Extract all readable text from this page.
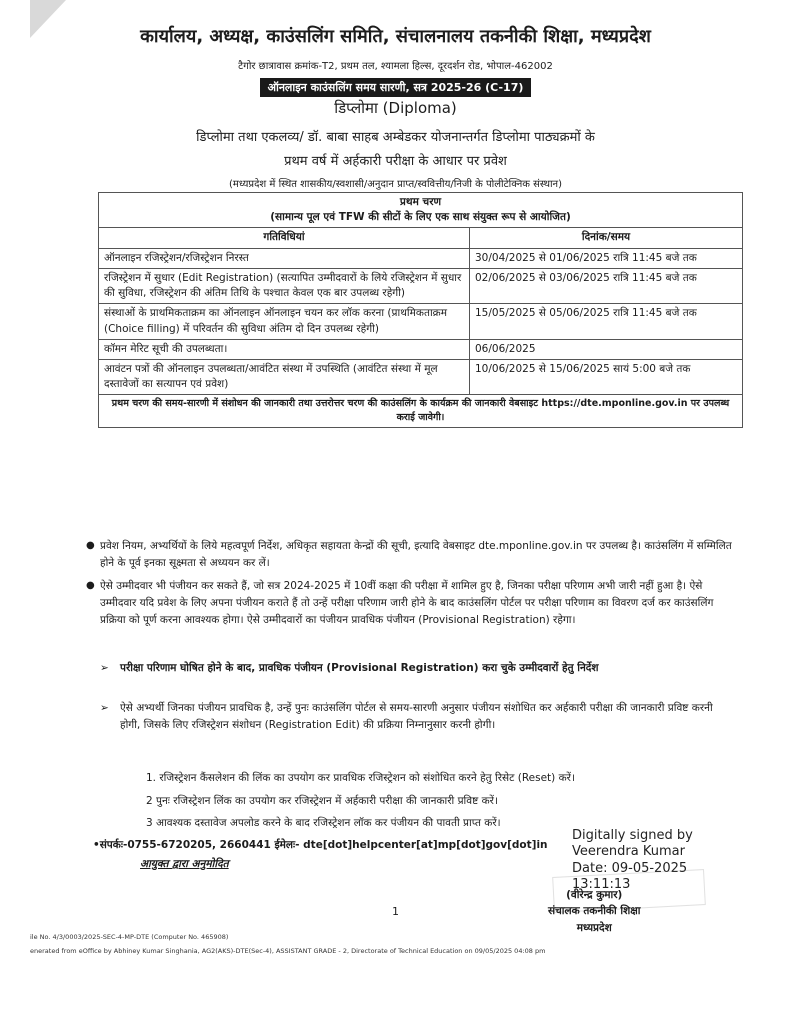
कार्यालय, अध्यक्ष, काउंसलिंग समिति, संचालनालय तकनीकी शिक्षा, मध्यप्रदेश
टैगोर छात्रावास क्रमांक-T2, प्रथम तल, श्यामला हिल्स, दूरदर्शन रोड, भोपाल-462002
ऑनलाइन काउंसलिंग समय सारणी, सत्र 2025-26 (C-17)
डिप्लोमा (Diploma)
डिप्लोमा तथा एकलव्य/ डॉ. बाबा साहब अम्बेडकर योजनान्तर्गत डिप्लोमा पाठ्यक्रमों के
प्रथम वर्ष में अर्हकारी परीक्षा के आधार पर प्रवेश
(मध्यप्रदेश में स्थित शासकीय/स्वशासी/अनुदान प्राप्त/स्ववित्तीय/निजी के पोलीटेक्निक संस्थान)
प्रथम चरण
(सामान्य पूल एवं TFW की सीटों के लिए एक साथ संयुक्त रूप से आयोजित)	

गतिविधियां	दिनांक/समय
ऑनलाइन रजिस्ट्रेशन/रजिस्ट्रेशन निरस्त	30/04/2025 से 01/06/2025 रात्रि 11:45 बजे तक
रजिस्ट्रेशन में सुधार (Edit Registration) (सत्यापित उम्मीदवारों के लिये रजिस्ट्रेशन में सुधार की सुविधा, रजिस्ट्रेशन की अंतिम तिथि के पश्चात केवल एक बार उपलब्ध रहेगी)	02/06/2025 से 03/06/2025 रात्रि 11:45 बजे तक
संस्थाओं के प्राथमिकताक्रम का ऑनलाइन ऑनलाइन चयन कर लॉक करना (प्राथमिकताक्रम (Choice filling) में परिवर्तन की सुविधा अंतिम दो दिन उपलब्ध रहेगी)	15/05/2025 से 05/06/2025 रात्रि 11:45 बजे तक
कॉमन मेरिट सूची की उपलब्धता।	06/06/2025
आवंटन पत्रों की ऑनलाइन उपलब्धता/आवंटित संस्था में उपस्थिति (आवंटित संस्था में मूल दस्तावेजों का सत्यापन एवं प्रवेश)	10/06/2025 से 15/06/2025 सायं 5:00 बजे तक
प्रथम चरण की समय-सारणी में संशोधन की जानकारी तथा उत्तरोत्तर चरण की काउंसलिंग के कार्यक्रम की जानकारी वेबसाइट https://dte.mponline.gov.in पर उपलब्ध कराई जावेगी।	
● प्रवेश नियम, अभ्यर्थियों के लिये महत्वपूर्ण निर्देश, अधिकृत सहायता केन्द्रों की सूची, इत्यादि वेबसाइट dte.mponline.gov.in पर उपलब्ध है। काउंसलिंग में सम्मिलित होने के पूर्व इनका सूक्ष्मता से अध्ययन कर लें।
● ऐसे उम्मीदवार भी पंजीयन कर सकते हैं, जो सत्र 2024-2025 में 10वीं कक्षा की परीक्षा में शामिल हुए है, जिनका परीक्षा परिणाम अभी जारी नहीं हुआ है। ऐसे उम्मीदवार यदि प्रवेश के लिए अपना पंजीयन कराते हैं तो उन्हें परीक्षा परिणाम जारी होने के बाद काउंसलिंग पोर्टल पर परीक्षा परिणाम का विवरण दर्ज कर काउंसलिंग प्रक्रिया को पूर्ण करना आवश्यक होगा। ऐसे उम्मीदवारों का पंजीयन प्रावधिक पंजीयन (Provisional Registration) रहेगा।
➢ परीक्षा परिणाम घोषित होने के बाद, प्रावधिक पंजीयन (Provisional Registration) करा चुके उम्मीदवारों हेतु निर्देश
➢ ऐसे अभ्यर्थी जिनका पंजीयन प्रावधिक है, उन्हें पुनः काउंसलिंग पोर्टल से समय-सारणी अनुसार पंजीयन संशोधित कर अर्हकारी परीक्षा की जानकारी प्रविष्ट करनी होगी, जिसके लिए रजिस्ट्रेशन संशोधन (Registration Edit) की प्रक्रिया निम्नानुसार करनी होगी।
1. रजिस्ट्रेशन कैंसलेशन की लिंक का उपयोग कर प्रावधिक रजिस्ट्रेशन को संशोधित करने हेतु रिसेट (Reset) करें।
2 पुनः रजिस्ट्रेशन लिंक का उपयोग कर रजिस्ट्रेशन में अर्हकारी परीक्षा की जानकारी प्रविष्ट करें।
3 आवश्यक दस्तावेज अपलोड करने के बाद रजिस्ट्रेशन लॉक कर पंजीयन की पावती प्राप्त करें।
•संपर्कः-0755-6720205, 2660441 ईमेलः- dte[dot]helpcenter[at]mp[dot]gov[dot]in
आयुक्त द्वारा अनुमोदित
Digitally signed by
Veerendra Kumar
Date: 09-05-2025
13:11:13
(वीरेन्द्र कुमार)
संचालक तकनीकी शिक्षा
मध्यप्रदेश
1
ile No. 4/3/0003/2025-SEC-4-MP-DTE (Computer No. 465908)
enerated from eOffice by Abhiney Kumar Singhania, AG2(AKS)-DTE(Sec-4), ASSISTANT GRADE - 2, Directorate of Technical Education on 09/05/2025 04:08 pm
